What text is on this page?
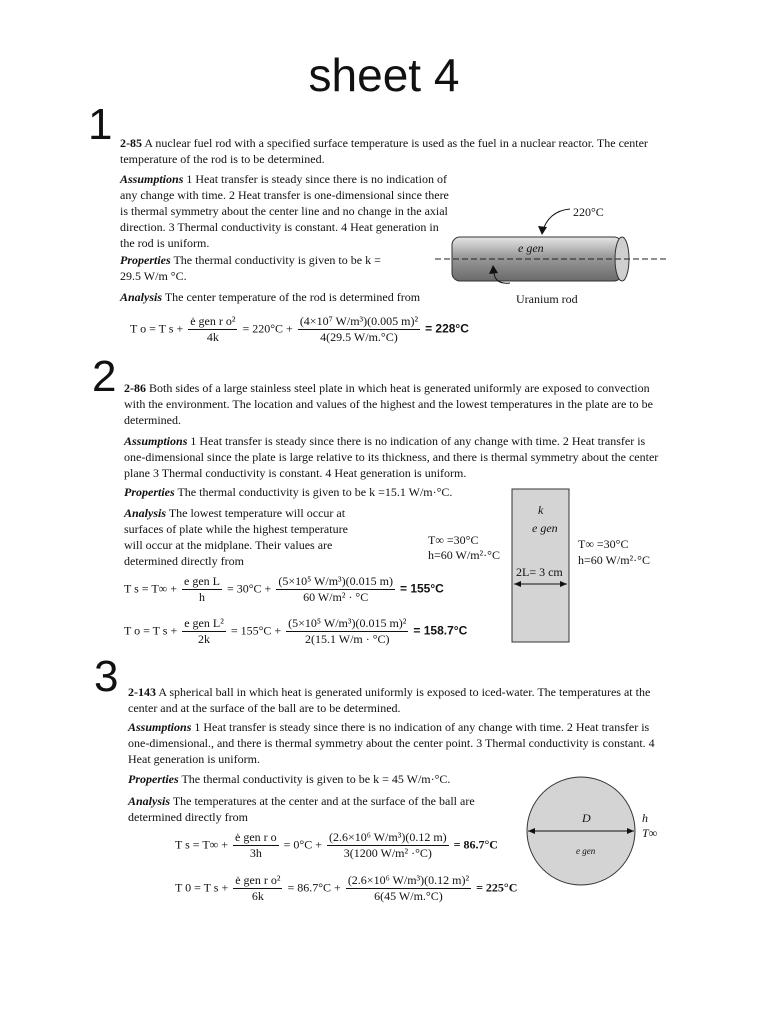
sheet 4
1 2-85 A nuclear fuel rod with a specified surface temperature is used as the fuel in a nuclear reactor. The center temperature of the rod is to be determined.
Assumptions 1 Heat transfer is steady since there is no indication of any change with time. 2 Heat transfer is one-dimensional since there is thermal symmetry about the center line and no change in the axial direction. 3 Thermal conductivity is constant. 4 Heat generation in the rod is uniform.
Properties The thermal conductivity is given to be k = 29.5 W/m °C.
Analysis The center temperature of the rod is determined from
T o = T $s + \frac{\text{ė gen r o²}}{4k} = 220^\circ C + \frac{\text{(4×10⁷ W/m³)(0.005 m)²}}{4(29.5 W/m.^\circ C)} = 228^\circ C$
220°C
e gen
Uranium rod
2 2-86 Both sides of a large stainless steel plate in which heat is generated uniformly are exposed to convection with the environment. The location and values of the highest and the lowest temperatures in the plate are to be determined.
Assumptions 1 Heat transfer is steady since there is no indication of any change with time. 2 Heat transfer is one-dimensional since the plate is large relative to its thickness, and there is thermal symmetry about the center plane 3 Thermal conductivity is constant. 4 Heat generation is uniform.
Properties The thermal conductivity is given to be k =15.1 W/m·°C.
Analysis The lowest temperature will occur at surfaces of plate while the highest temperature will occur at the midplane. Their values are determined directly from
T $s = T\infty + \frac{\text{e gen L}}{h} = 30^\circ C + \frac{\text{(5×10⁵ W/m³)(0.015 m)}}{\text{60 W/m² · °C}} = 155^\circ C$
T o = T $s + \frac{\text{e gen L²}}{2k} = 155^\circ C + \frac{\text{(5×10⁵ W/m³)(0.015 m)²}}{2(15.1 W/m \cdot ^\circ C)} = 158.7^\circ C$
k
e gen
2L= 3 cm
T∞ =30°C
h=60 W/m²·°C
T∞ =30°C
h=60 W/m²·°C
3 2-143 A spherical ball in which heat is generated uniformly is exposed to iced-water. The temperatures at the center and at the surface of the ball are to be determined.
Assumptions 1 Heat transfer is steady since there is no indication of any change with time. 2 Heat transfer is one-dimensional., and there is thermal symmetry about the center point. 3 Thermal conductivity is constant. 4 Heat generation is uniform.
Properties The thermal conductivity is given to be k = 45 W/m·°C.
Analysis The temperatures at the center and at the surface of the ball are determined directly from
T $s = T\infty + \frac{\text{ė gen r o}}{3h} = 0^\circ C + \frac{\text{(2.6×10⁶ W/m³)(0.12 m)}}{\text{3(1200 W/m² ·°C)}} = 86.7^\circ C$
T 0 = T $s + \frac{\text{ė gen r o²}}{6k} = 86.7^\circ C + \frac{\text{(2.6×10⁶ W/m³)(0.12 m)²}}{6(45 W/m.^\circ C)} = 225^\circ C$
D
e gen
h
T∞
